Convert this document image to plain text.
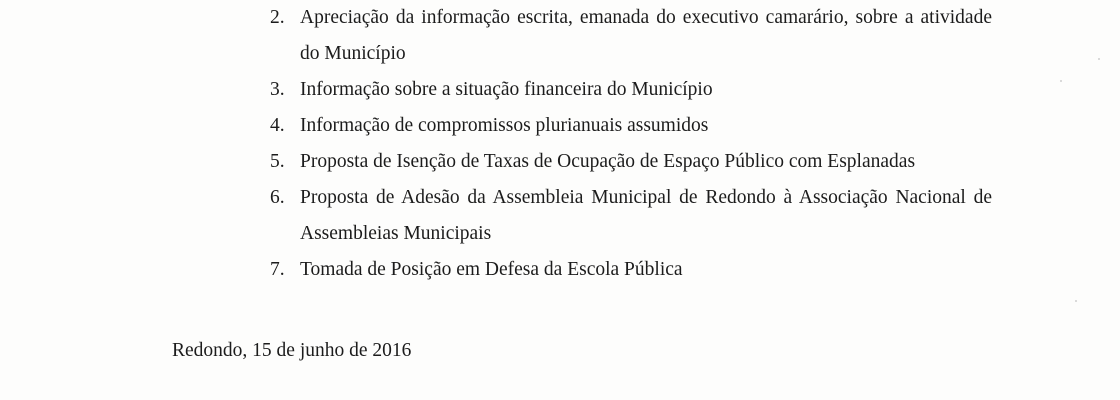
2. Apreciação da informação escrita, emanada do executivo camarário, sobre a atividade do Município
3. Informação sobre a situação financeira do Município
4. Informação de compromissos plurianuais assumidos
5. Proposta de Isenção de Taxas de Ocupação de Espaço Público com Esplanadas
6. Proposta de Adesão da Assembleia Municipal de Redondo à Associação Nacional de Assembleias Municipais
7. Tomada de Posição em Defesa da Escola Pública
Redondo, 15 de junho de 2016
